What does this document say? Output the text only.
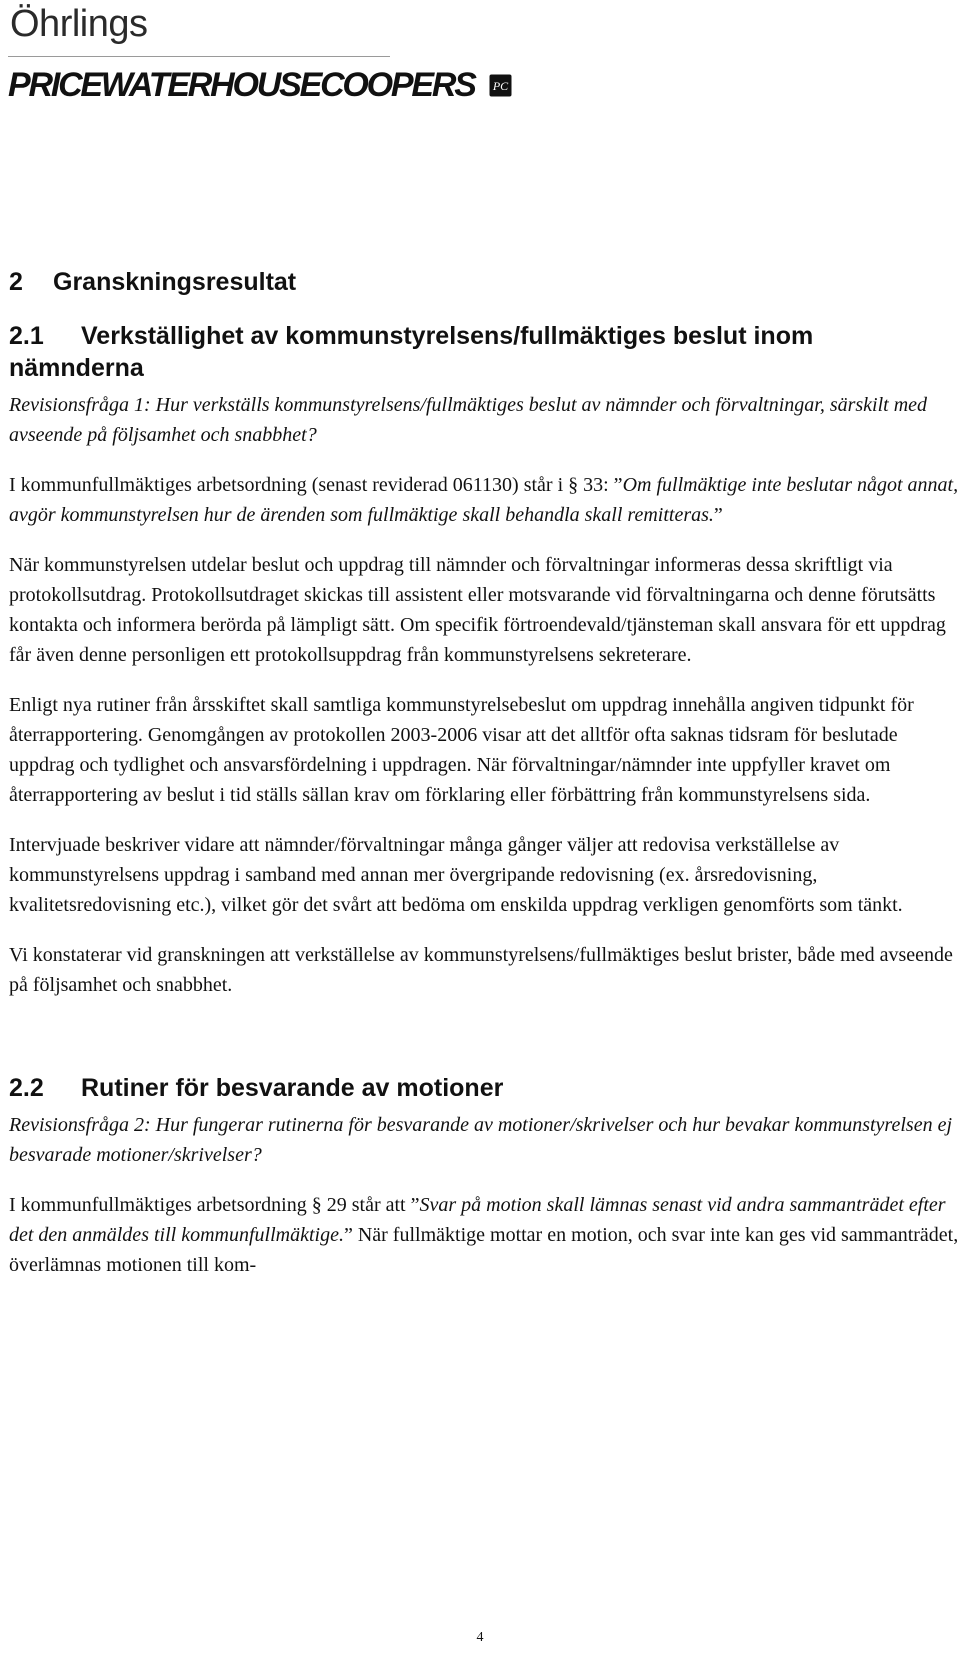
Öhrlings
PRICEWATERHOUSECOOPERS PC
2 Granskningsresultat
2.1 Verkställighet av kommunstyrelsens/fullmäktiges beslut inom
nämnderna

Revisionsfråga 1: Hur verkställs kommunstyrelsens/fullmäktiges beslut av nämnder och förvaltningar, särskilt med avseende på följsamhet och snabbhet?

I kommunfullmäktiges arbetsordning (senast reviderad 061130) står i § 33: ”Om fullmäktige inte beslutar något annat, avgör kommunstyrelsen hur de ärenden som fullmäktige skall behandla skall remitteras.”

När kommunstyrelsen utdelar beslut och uppdrag till nämnder och förvaltningar informeras dessa skriftligt via protokollsutdrag. Protokollsutdraget skickas till assistent eller motsvarande vid förvaltningarna och denne förutsätts kontakta och informera berörda på lämpligt sätt. Om specifik förtroendevald/tjänsteman skall ansvara för ett uppdrag får även denne personligen ett protokollsuppdrag från kommunstyrelsens sekreterare.

Enligt nya rutiner från årsskiftet skall samtliga kommunstyrelsebeslut om uppdrag innehålla angiven tidpunkt för återrapportering. Genomgången av protokollen 2003-2006 visar att det alltför ofta saknas tidsram för beslutade uppdrag och tydlighet och ansvarsfördelning i uppdragen. När förvaltningar/nämnder inte uppfyller kravet om återrapportering av beslut i tid ställs sällan krav om förklaring eller förbättring från kommunstyrelsens sida.

Intervjuade beskriver vidare att nämnder/förvaltningar många gånger väljer att redovisa verkställelse av kommunstyrelsens uppdrag i samband med annan mer övergripande redovisning (ex. årsredovisning, kvalitetsredovisning etc.), vilket gör det svårt att bedöma om enskilda uppdrag verkligen genomförts som tänkt.

Vi konstaterar vid granskningen att verkställelse av kommunstyrelsens/fullmäktiges beslut brister, både med avseende på följsamhet och snabbhet.

2.2 Rutiner för besvarande av motioner

Revisionsfråga 2: Hur fungerar rutinerna för besvarande av motioner/skrivelser och hur bevakar kommunstyrelsen ej besvarade motioner/skrivelser?

I kommunfullmäktiges arbetsordning § 29 står att ”Svar på motion skall lämnas senast vid andra sammanträdet efter det den anmäldes till kommunfullmäktige.” När fullmäktige mottar en motion, och svar inte kan ges vid sammanträdet, överlämnas motionen till kom-

4
